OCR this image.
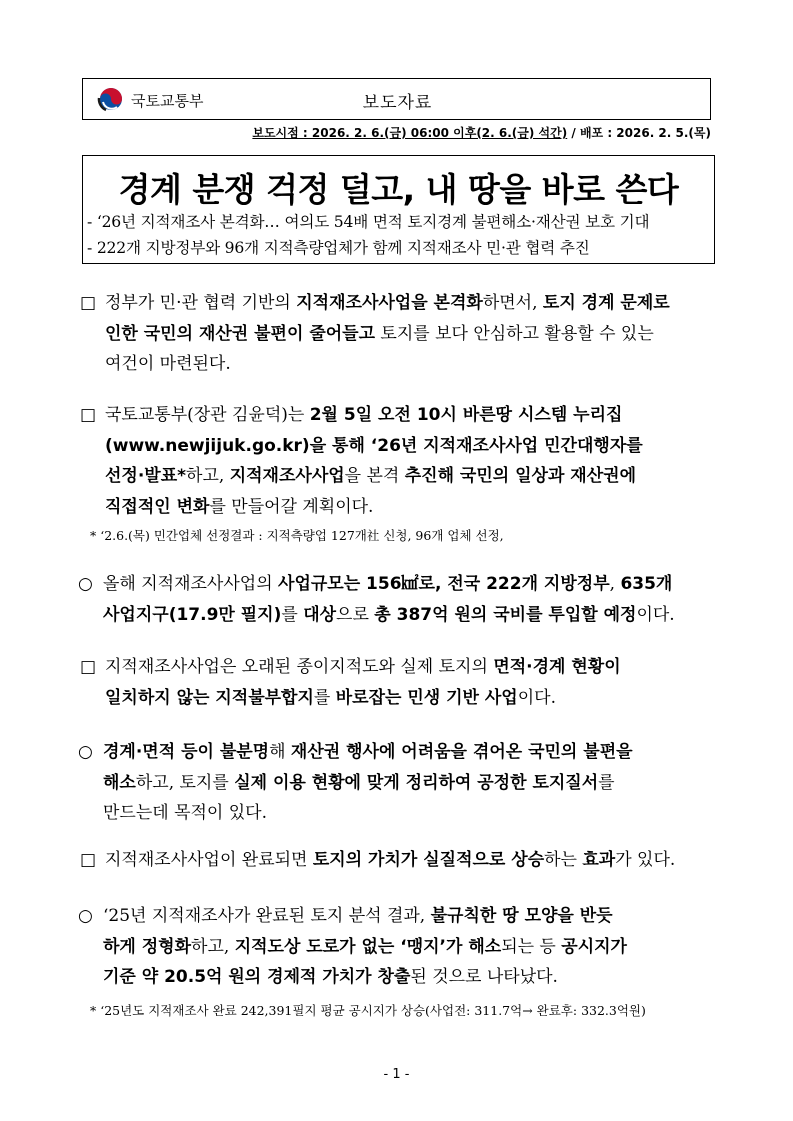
국토교통부	보도자료
보도시점 : 2026. 2. 6.(금) 06:00 이후(2. 6.(금) 석간) / 배포 : 2026. 2. 5.(목)
경계 분쟁 걱정 덜고, 내 땅을 바로 쓴다
- ‘26년 지적재조사 본격화… 여의도 54배 면적 토지경계 불편해소·재산권 보호 기대
- 222개 지방정부와 96개 지적측량업체가 함께 지적재조사 민·관 협력 추진
□ 정부가 민·관 협력 기반의 지적재조사사업을 본격화하면서, 토지 경계 문제로
인한 국민의 재산권 불편이 줄어들고 토지를 보다 안심하고 활용할 수 있는
여건이 마련된다.
□ 국토교통부(장관 김윤덕)는 2월 5일 오전 10시 바른땅 시스템 누리집
(www.newjijuk.go.kr)을 통해 ‘26년 지적재조사사업 민간대행자를
선정·발표*하고, 지적재조사사업을 본격 추진해 국민의 일상과 재산권에
직접적인 변화를 만들어갈 계획이다.
○ 올해 지적재조사사업의 사업규모는 156㎢로, 전국 222개 지방정부, 635개
사업지구(17.9만 필지)를 대상으로 총 387억 원의 국비를 투입할 예정이다.
□ 지적재조사사업은 오래된 종이지적도와 실제 토지의 면적·경계 현황이
일치하지 않는 지적불부합지를 바로잡는 민생 기반 사업이다.
○ 경계·면적 등이 불분명해 재산권 행사에 어려움을 겪어온 국민의 불편을
해소하고, 토지를 실제 이용 현황에 맞게 정리하여 공정한 토지질서를
만드는데 목적이 있다.
□ 지적재조사사업이 완료되면 토지의 가치가 실질적으로 상승하는 효과가 있다.
○ ‘25년 지적재조사가 완료된 토지 분석 결과, 불규칙한 땅 모양을 반듯
하게 정형화하고, 지적도상 도로가 없는 ‘맹지’가 해소되는 등 공시지가
기준 약 20.5억 원의 경제적 가치가 창출된 것으로 나타났다.
* ‘2.6.(목) 민간업체 선정결과 : 지적측량업 127개社 신청, 96개 업체 선정,
* ‘25년도 지적재조사 완료 242,391필지 평균 공시지가 상승(사업전: 311.7억→ 완료후: 332.3억원)
- 1 -
